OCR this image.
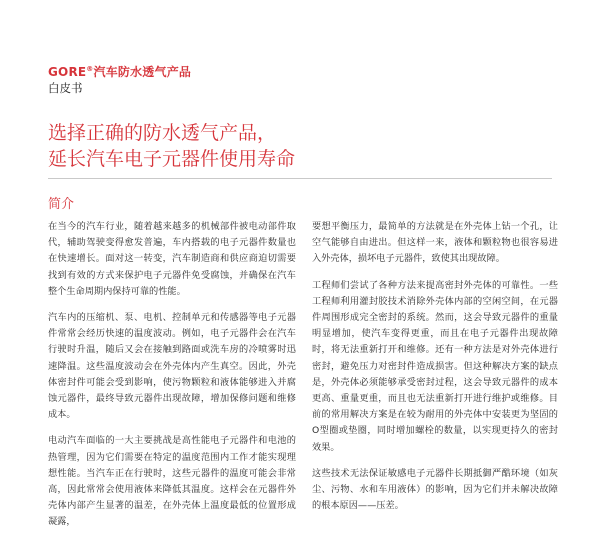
GORE®汽车防水透气产品
白皮书
选择正确的防水透气产品，
延长汽车电子元器件使用寿命
简介

在当今的汽车行业，随着越来越多的机械部件被电动部件取代，辅助驾驶变得愈发普遍，车内搭载的电子元器件数量也在快速增长。面对这一转变，汽车制造商和供应商迫切需要找到有效的方式来保护电子元器件免受腐蚀，并确保在汽车整个生命周期内保持可靠的性能。

汽车内的压缩机、泵、电机、控制单元和传感器等电子元器件常常会经历快速的温度波动。例如，电子元器件会在汽车行驶时升温，随后又会在接触到路面或洗车房的冷喷雾时迅速降温。这些温度波动会在外壳体内产生真空。因此，外壳体密封件可能会受到影响，使污物颗粒和液体能够进入并腐蚀元器件，最终导致元器件出现故障，增加保修问题和维修成本。

电动汽车面临的一大主要挑战是高性能电子元器件和电池的热管理，因为它们需要在特定的温度范围内工作才能实现理想性能。当汽车正在行驶时，这些元器件的温度可能会非常高，因此常常会使用液体来降低其温度。这样会在元器件外壳体内部产生显著的温差，在外壳体上温度最低的位置形成凝露，

要想平衡压力，最简单的方法就是在外壳体上钻一个孔，让空气能够自由进出。但这样一来，液体和颗粒物也很容易进入外壳体，损坏电子元器件，致使其出现故障。

工程师们尝试了各种方法来提高密封外壳体的可靠性。一些工程师利用灌封胶技术消除外壳体内部的空闲空间，在元器件周围形成完全密封的系统。然而，这会导致元器件的重量明显增加，使汽车变得更重，而且在电子元器件出现故障时，将无法重新打开和维修。还有一种方法是对外壳体进行密封，避免压力对密封件造成损害。但这种解决方案的缺点是，外壳体必须能够承受密封过程，这会导致元器件的成本更高、重量更重，而且也无法重新打开进行维护或维修。目前的常用解决方案是在较为耐用的外壳体中安装更为坚固的O型圈或垫圈，同时增加螺栓的数量，以实现更持久的密封效果。

这些技术无法保证敏感电子元器件长期抵御严酷环境（如灰尘、污物、水和车用液体）的影响，因为它们并未解决故障的根本原因——压差。
